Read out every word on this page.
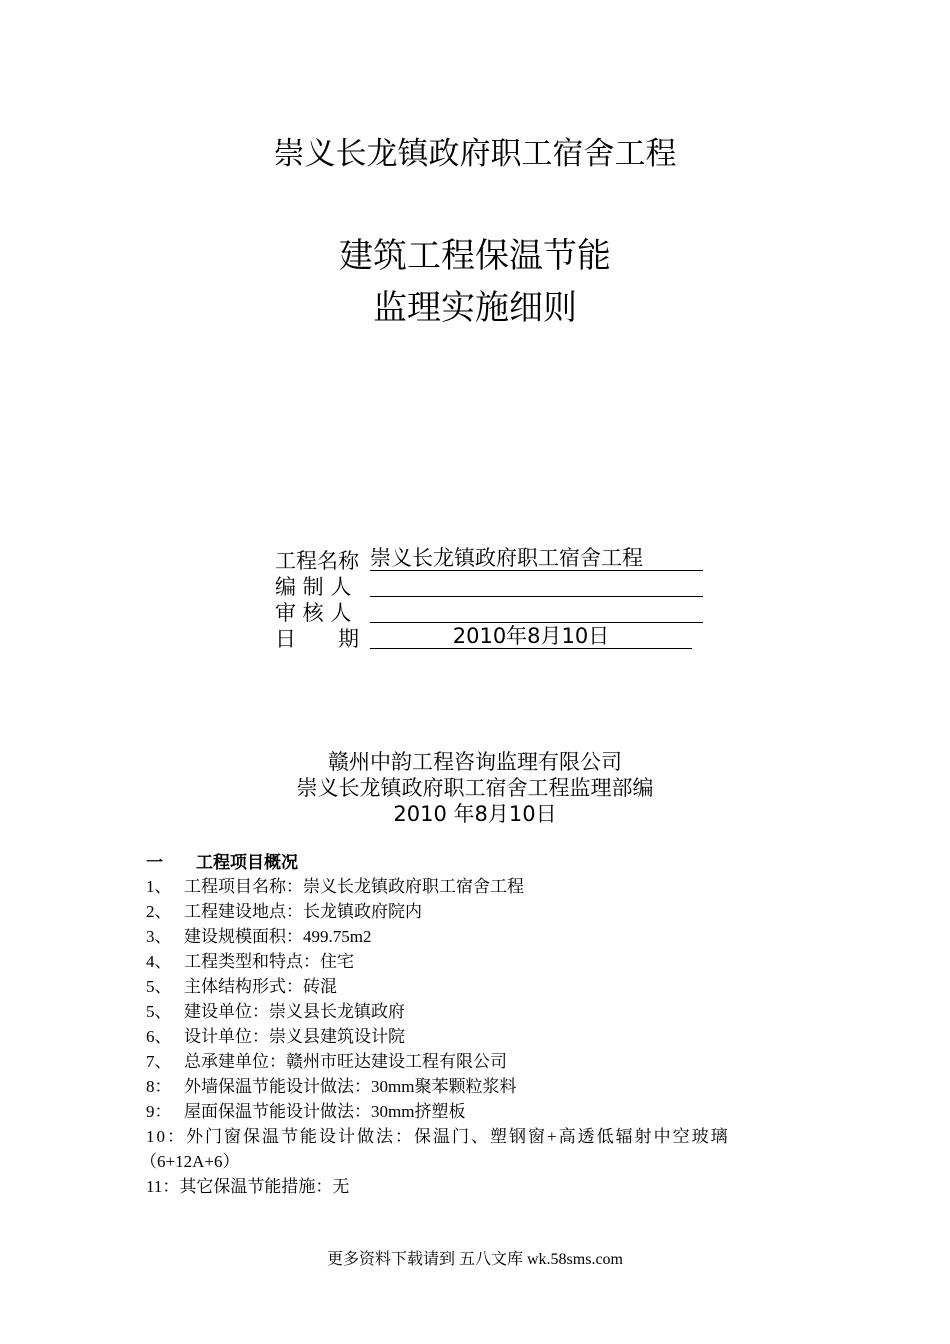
崇义长龙镇政府职工宿舍工程
建筑工程保温节能
监理实施细则
工程名称 崇义长龙镇政府职工宿舍工程
编 制 人
审 核 人
日　　期	2010年8月10日
赣州中韵工程咨询监理有限公司
崇义长龙镇政府职工宿舍工程监理部编
2010 年8月10日
一 工程项目概况
1、 工程项目名称：崇义长龙镇政府职工宿舍工程
2、 工程建设地点：长龙镇政府院内
3、 建设规模面积：499.75m2
4、 工程类型和特点：住宅
5、 主体结构形式：砖混
5、 建设单位：崇义县长龙镇政府
6、 设计单位：崇义县建筑设计院
7、 总承建单位：赣州市旺达建设工程有限公司
8： 外墙保温节能设计做法：30mm聚苯颗粒浆料
9： 屋面保温节能设计做法：30mm挤塑板
10：外门窗保温节能设计做法：保温门、塑钢窗+高透低辐射中空玻璃
（6+12A+6）
11：其它保温节能措施：无
更多资料下载请到 五八文库 wk.58sms.com
